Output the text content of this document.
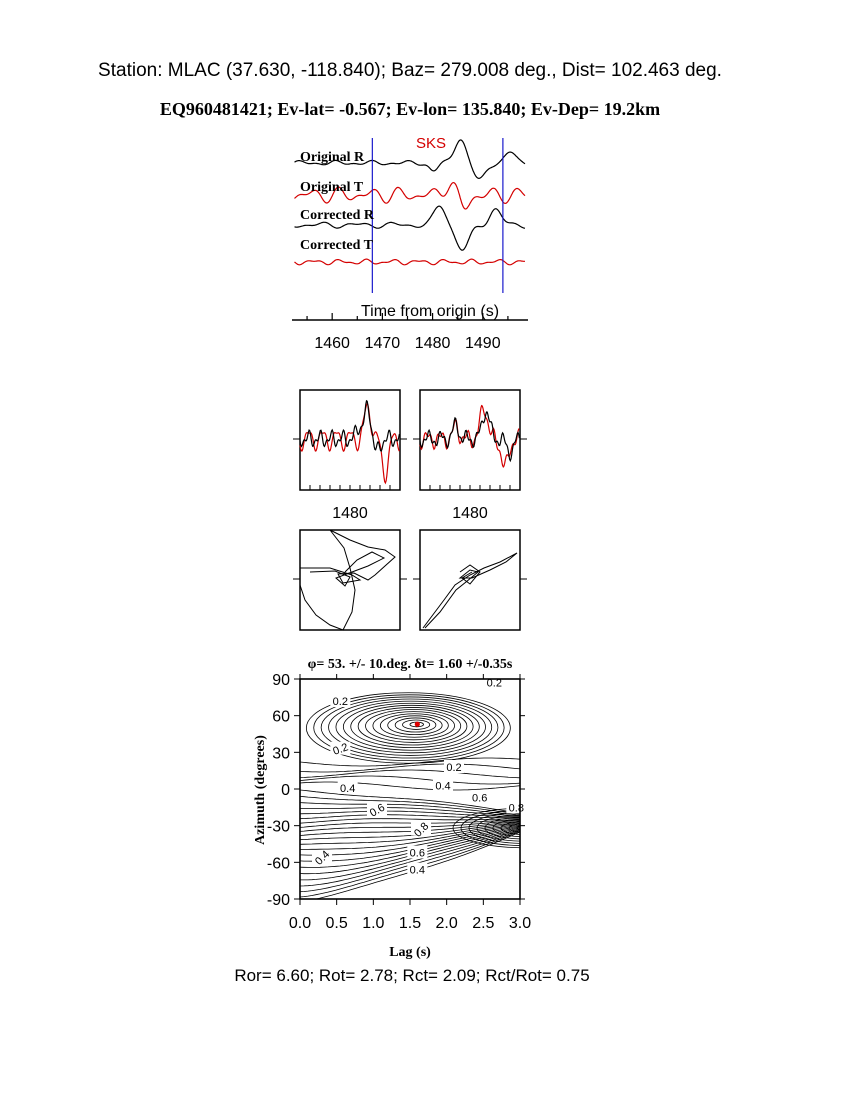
Station: MLAC (37.630, -118.840); Baz= 279.008 deg., Dist= 102.463 deg.
EQ960481421; Ev-lat= -0.567; Ev-lon= 135.840; Ev-Dep= 19.2km
SKS
Original R
Original T
Corrected R
Corrected T
Time from origin (s)
1460 1470 1480 1490
1480	1480
φ= 53. +/- 10.deg. δt= 1.60 +/-0.35s
0.2
0.2
0.2
0.2
0.4	0.4
0.6
0.6
0.8
0.8
0.6
0.4
0.4
0.0 0.5 1.0 1.5 2.0 2.5 3.0
90
60
30
0
-30
-60
-90
Lag (s)
Azimuth (degrees)
Ror= 6.60; Rot= 2.78; Rct= 2.09; Rct/Rot= 0.75
